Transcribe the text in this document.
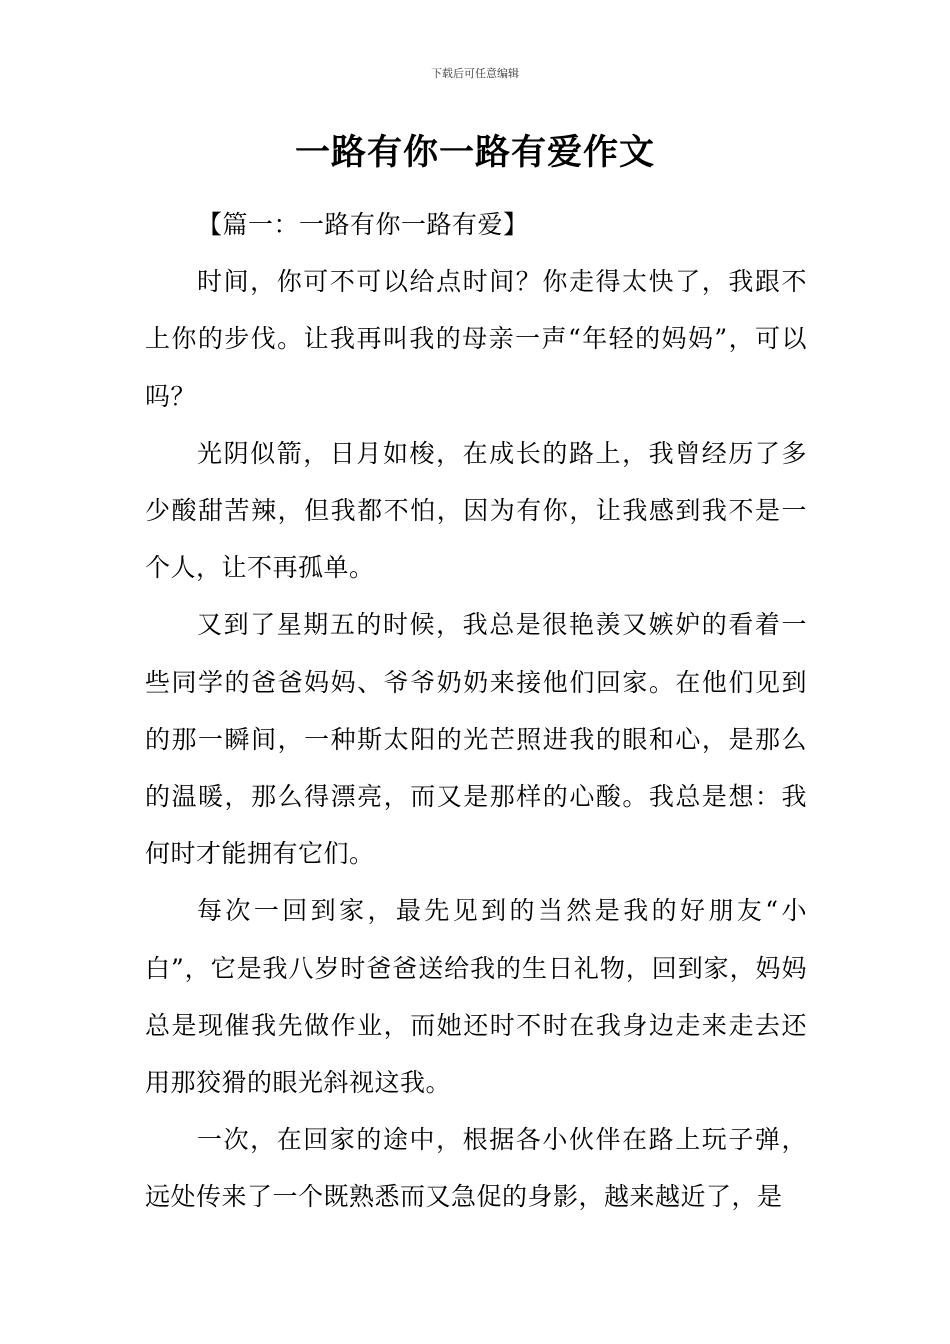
下载后可任意编辑
一路有你一路有爱作文

【篇一：一路有你一路有爱】

时间，你可不可以给点时间？你走得太快了，我跟不上你的步伐。让我再叫我的母亲一声“年轻的妈妈”，可以吗？

光阴似箭，日月如梭，在成长的路上，我曾经历了多少酸甜苦辣，但我都不怕，因为有你，让我感到我不是一个人，让不再孤单。

又到了星期五的时候，我总是很艳羡又嫉妒的看着一些同学的爸爸妈妈、爷爷奶奶来接他们回家。在他们见到的那一瞬间，一种斯太阳的光芒照进我的眼和心，是那么的温暖，那么得漂亮，而又是那样的心酸。我总是想：我何时才能拥有它们。

每次一回到家，最先见到的当然是我的好朋友“小白”，它是我八岁时爸爸送给我的生日礼物，回到家，妈妈总是现催我先做作业，而她还时不时在我身边走来走去还用那狡猾的眼光斜视这我。

一次，在回家的途中，根据各小伙伴在路上玩子弹，远处传来了一个既熟悉而又急促的身影，越来越近了，是
